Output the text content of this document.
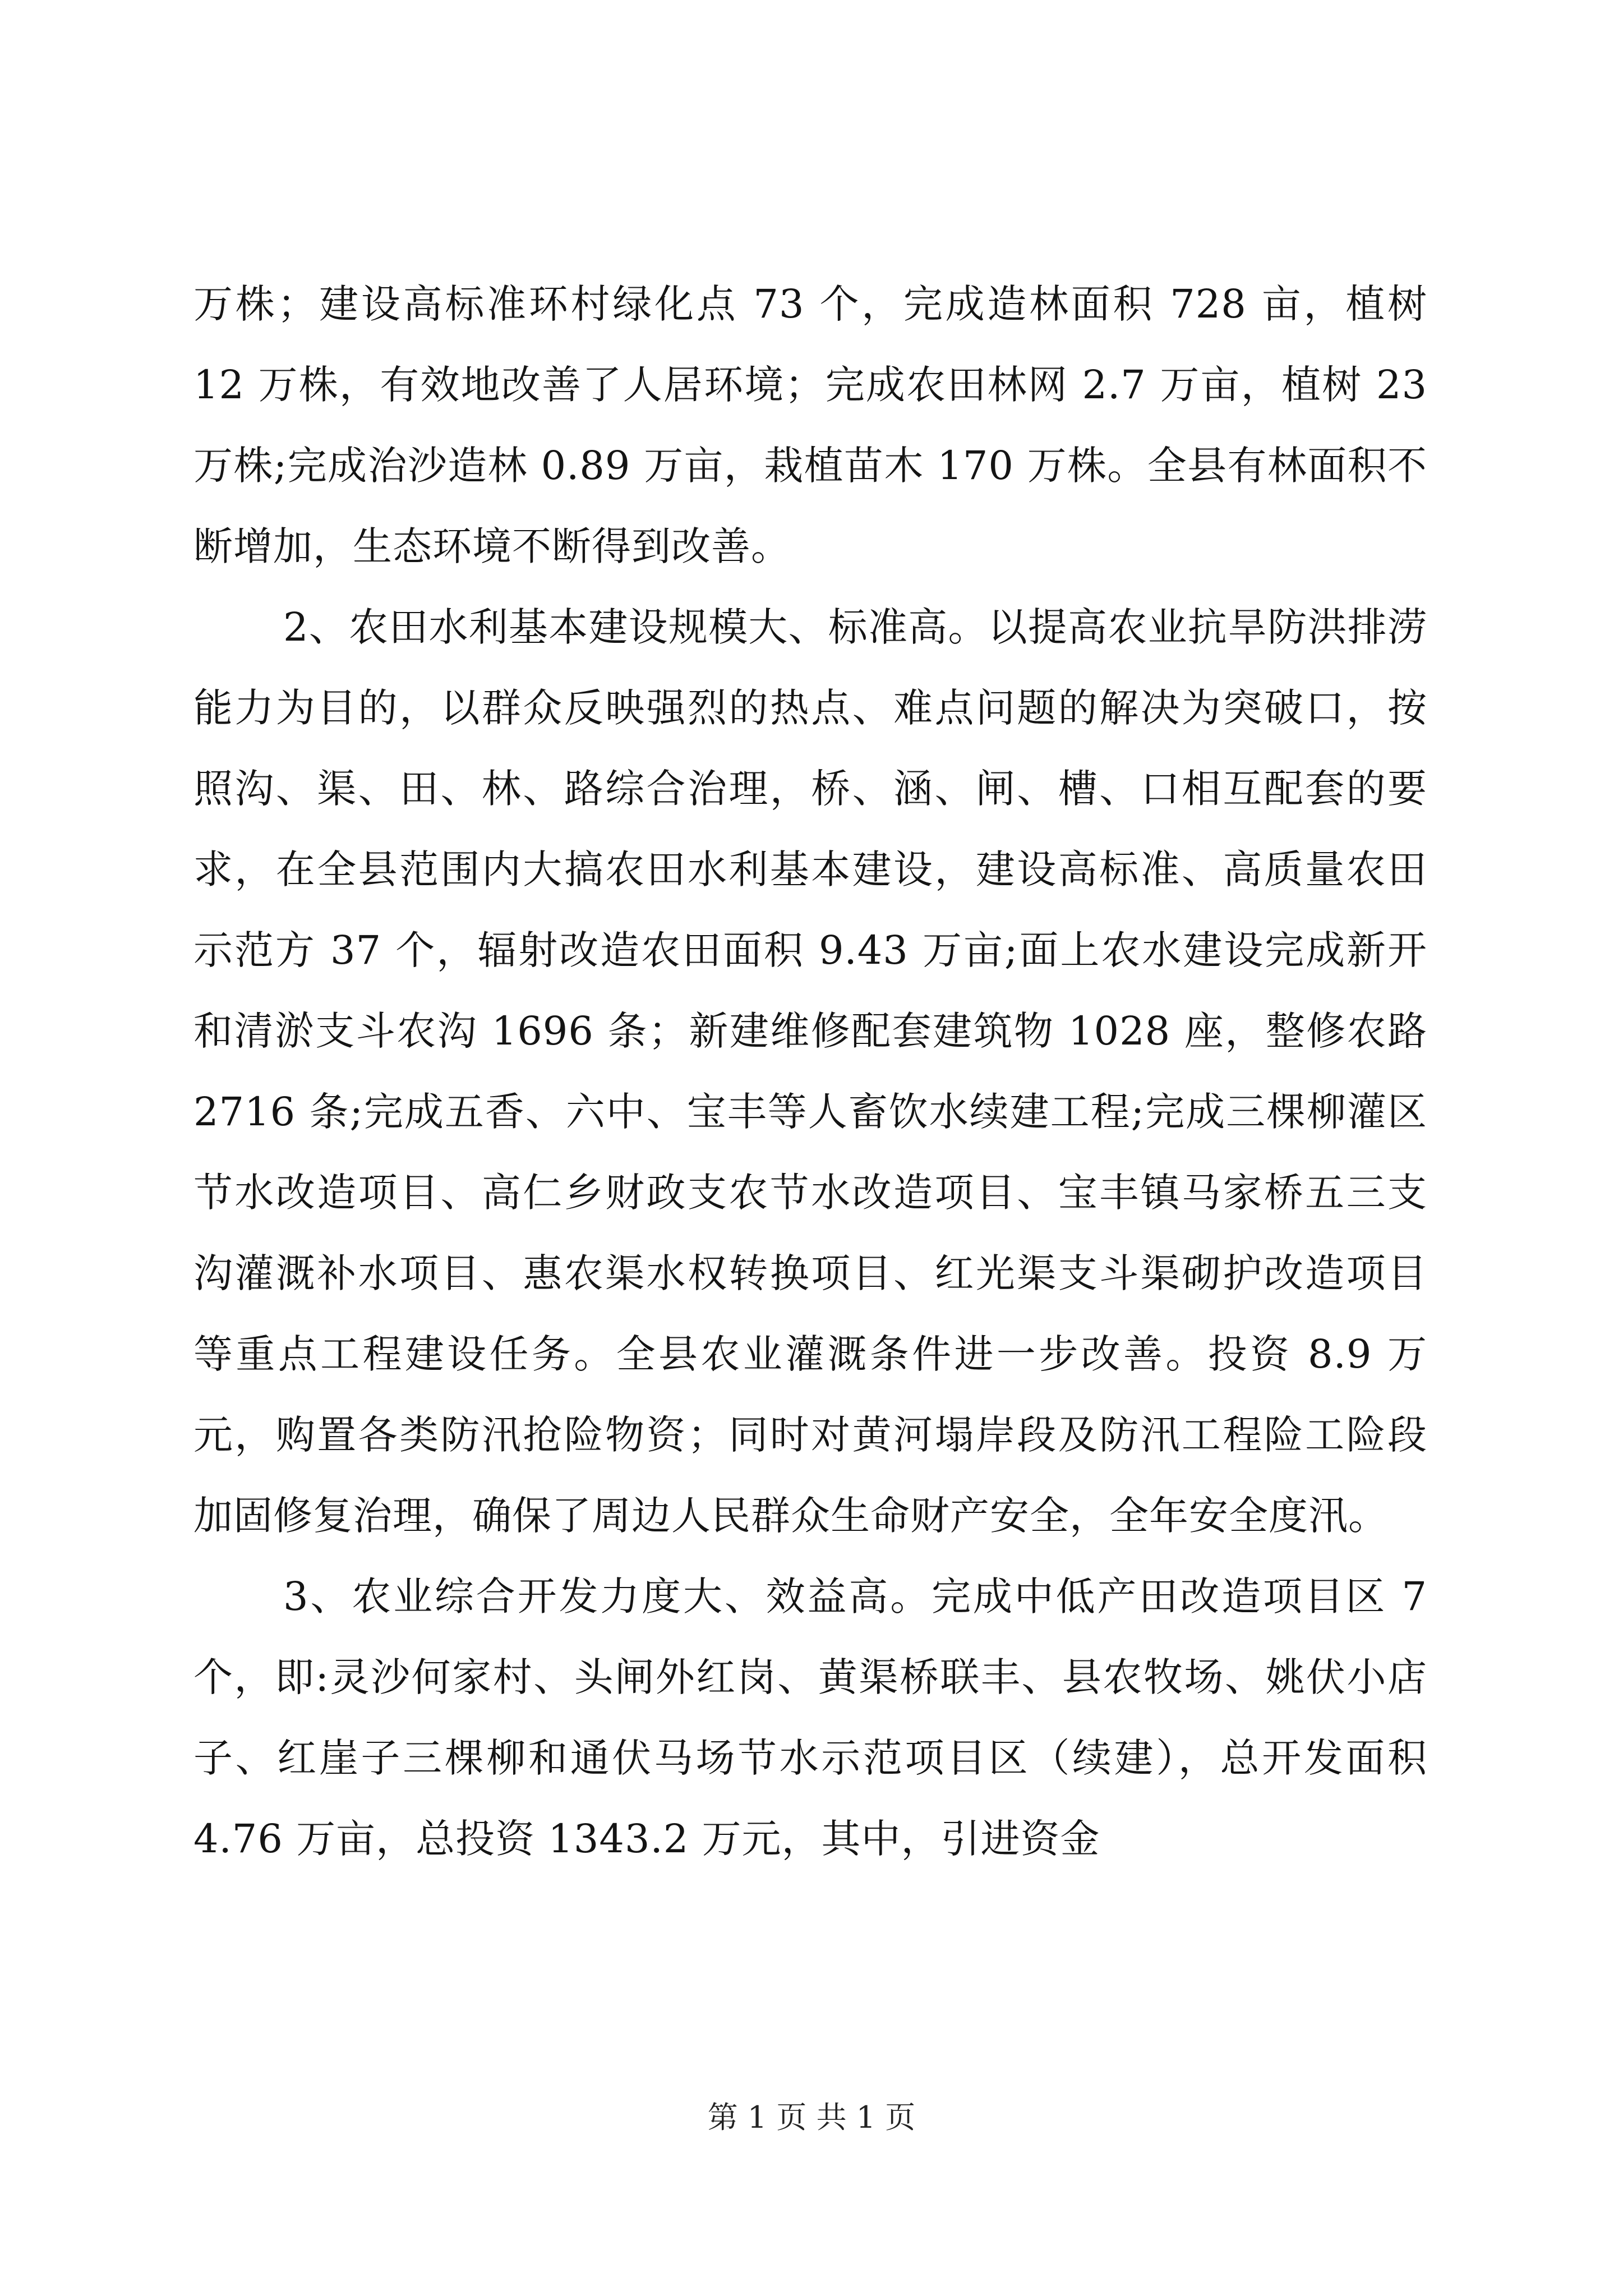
万株；建设高标准环村绿化点 73 个，完成造林面积 728 亩，植树 12 万株，有效地改善了人居环境；完成农田林网 2.7 万亩，植树 23 万株;完成治沙造林 0.89 万亩，栽植苗木 170 万株。全县有林面积不断增加，生态环境不断得到改善。

2、农田水利基本建设规模大、标准高。以提高农业抗旱防洪排涝能力为目的，以群众反映强烈的热点、难点问题的解决为突破口，按照沟、渠、田、林、路综合治理，桥、涵、闸、槽、口相互配套的要求，在全县范围内大搞农田水利基本建设，建设高标准、高质量农田示范方 37 个，辐射改造农田面积 9.43 万亩;面上农水建设完成新开和清淤支斗农沟 1696 条；新建维修配套建筑物 1028 座，整修农路 2716 条;完成五香、六中、宝丰等人畜饮水续建工程;完成三棵柳灌区节水改造项目、高仁乡财政支农节水改造项目、宝丰镇马家桥五三支沟灌溉补水项目、惠农渠水权转换项目、红光渠支斗渠砌护改造项目等重点工程建设任务。全县农业灌溉条件进一步改善。投资 8.9 万元，购置各类防汛抢险物资；同时对黄河塌岸段及防汛工程险工险段加固修复治理，确保了周边人民群众生命财产安全，全年安全度汛。

3、农业综合开发力度大、效益高。完成中低产田改造项目区 7 个，即:灵沙何家村、头闸外红岗、黄渠桥联丰、县农牧场、姚伏小店子、红崖子三棵柳和通伏马场节水示范项目区（续建），总开发面积 4.76 万亩，总投资 1343.2 万元，其中，引进资金

第 1 页 共 1 页
